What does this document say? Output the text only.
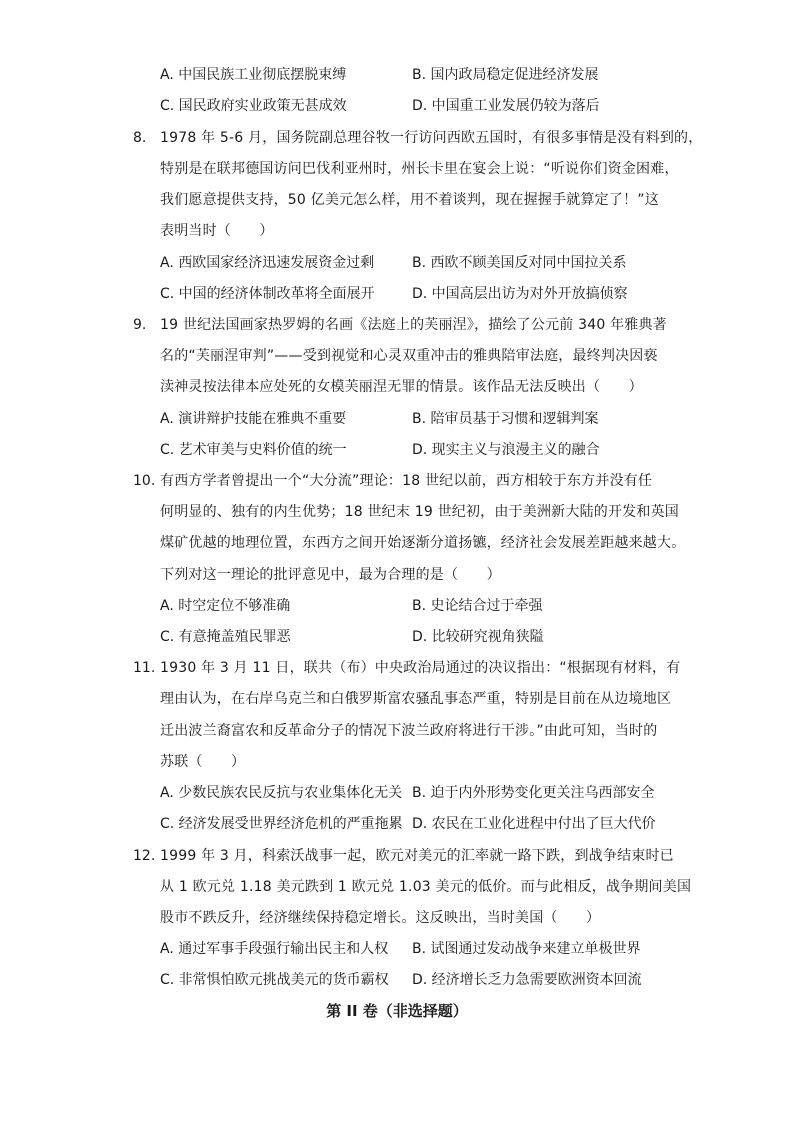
A. 中国民族工业彻底摆脱束缚	B. 国内政局稳定促进经济发展
C. 国民政府实业政策无甚成效	D. 中国重工业发展仍较为落后
8. 1978 年 5-6 月，国务院副总理谷牧一行访问西欧五国时，有很多事情是没有料到的，
特别是在联邦德国访问巴伐利亚州时，州长卡里在宴会上说：“听说你们资金困难，
我们愿意提供支持，50 亿美元怎么样，用不着谈判，现在握握手就算定了！”这
表明当时（　　）
A. 西欧国家经济迅速发展资金过剩	B. 西欧不顾美国反对同中国拉关系
C. 中国的经济体制改革将全面展开	D. 中国高层出访为对外开放搞侦察
9. 19 世纪法国画家热罗姆的名画《法庭上的芙丽涅》，描绘了公元前 340 年雅典著
名的“芙丽涅审判”——受到视觉和心灵双重冲击的雅典陪审法庭，最终判决因亵
渎神灵按法律本应处死的女模芙丽涅无罪的情景。该作品无法反映出（　　）
A. 演讲辩护技能在雅典不重要	B. 陪审员基于习惯和逻辑判案
C. 艺术审美与史料价值的统一	D. 现实主义与浪漫主义的融合
10. 有西方学者曾提出一个“大分流”理论：18 世纪以前，西方相较于东方并没有任
何明显的、独有的内生优势；18 世纪末 19 世纪初，由于美洲新大陆的开发和英国
煤矿优越的地理位置，东西方之间开始逐渐分道扬镳，经济社会发展差距越来越大。
下列对这一理论的批评意见中，最为合理的是（　　）
A. 时空定位不够准确	B. 史论结合过于牵强
C. 有意掩盖殖民罪恶	D. 比较研究视角狭隘
11. 1930 年 3 月 11 日，联共（布）中央政治局通过的决议指出：“根据现有材料，有
理由认为，在右岸乌克兰和白俄罗斯富农骚乱事态严重，特别是目前在从边境地区
迁出波兰裔富农和反革命分子的情况下波兰政府将进行干涉。”由此可知，当时的
苏联（　　）
A. 少数民族农民反抗与农业集体化无关 B. 迫于内外形势变化更关注乌西部安全
C. 经济发展受世界经济危机的严重拖累 D. 农民在工业化进程中付出了巨大代价
12. 1999 年 3 月，科索沃战事一起，欧元对美元的汇率就一路下跌，到战争结束时已
从 1 欧元兑 1.18 美元跌到 1 欧元兑 1.03 美元的低价。而与此相反，战争期间美国
股市不跌反升，经济继续保持稳定增长。这反映出，当时美国（　　）
A. 通过军事手段强行输出民主和人权 B. 试图通过发动战争来建立单极世界
C. 非常惧怕欧元挑战美元的货币霸权 D. 经济增长乏力急需要欧洲资本回流
第 II 卷（非选择题）
